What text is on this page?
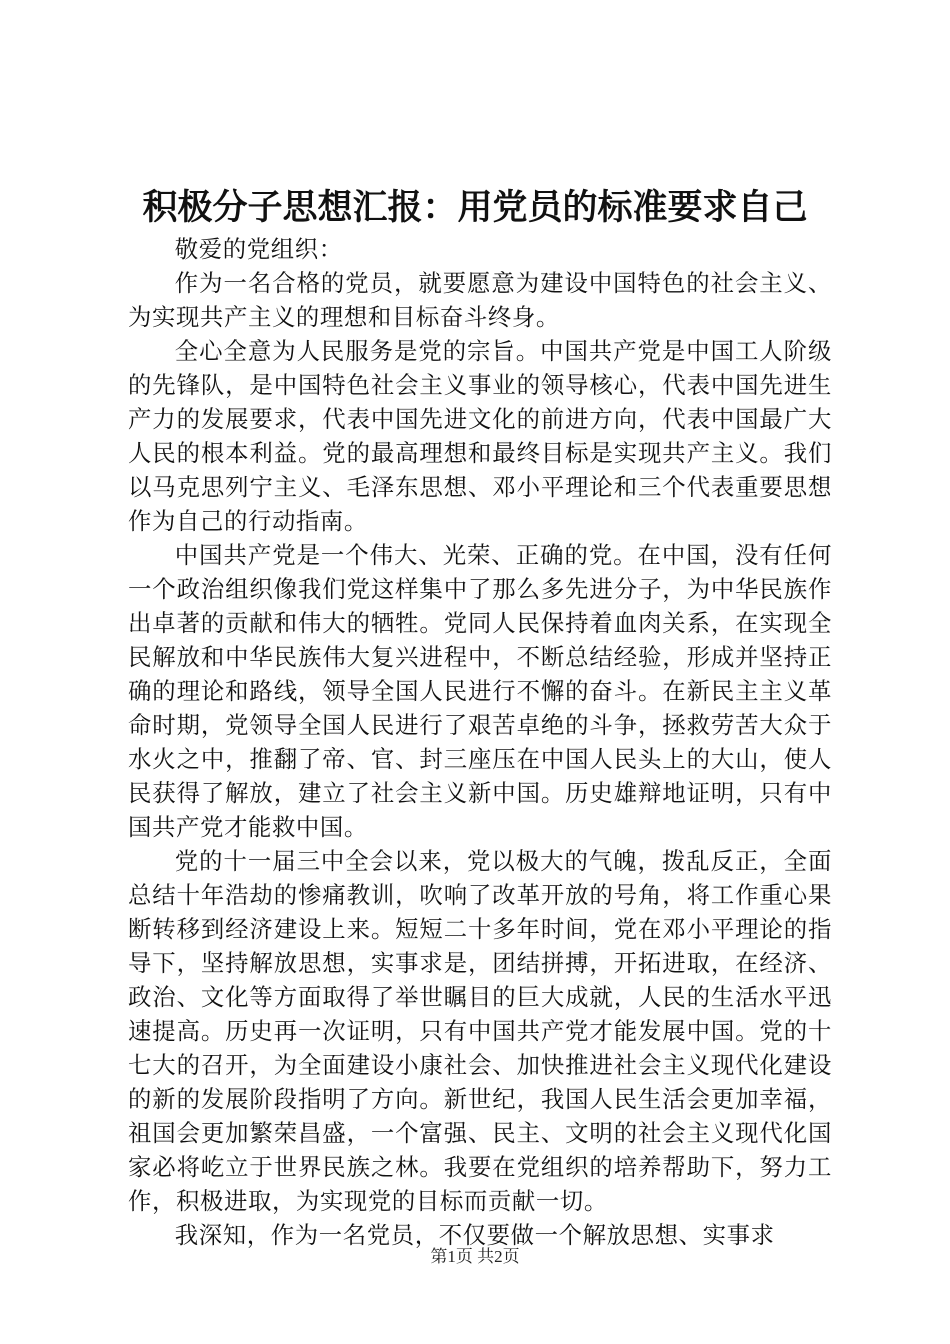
积极分子思想汇报：用党员的标准要求自己

敬爱的党组织：

作为一名合格的党员，就要愿意为建设中国特色的社会主义、为实现共产主义的理想和目标奋斗终身。

全心全意为人民服务是党的宗旨。中国共产党是中国工人阶级的先锋队，是中国特色社会主义事业的领导核心，代表中国先进生产力的发展要求，代表中国先进文化的前进方向，代表中国最广大人民的根本利益。党的最高理想和最终目标是实现共产主义。我们以马克思列宁主义、毛泽东思想、邓小平理论和三个代表重要思想作为自己的行动指南。

中国共产党是一个伟大、光荣、正确的党。在中国，没有任何一个政治组织像我们党这样集中了那么多先进分子，为中华民族作出卓著的贡献和伟大的牺牲。党同人民保持着血肉关系，在实现全民解放和中华民族伟大复兴进程中，不断总结经验，形成并坚持正确的理论和路线，领导全国人民进行不懈的奋斗。在新民主主义革命时期，党领导全国人民进行了艰苦卓绝的斗争，拯救劳苦大众于水火之中，推翻了帝、官、封三座压在中国人民头上的大山，使人民获得了解放，建立了社会主义新中国。历史雄辩地证明，只有中国共产党才能救中国。

党的十一届三中全会以来，党以极大的气魄，拨乱反正，全面总结十年浩劫的惨痛教训，吹响了改革开放的号角，将工作重心果断转移到经济建设上来。短短二十多年时间，党在邓小平理论的指导下，坚持解放思想，实事求是，团结拼搏，开拓进取，在经济、政治、文化等方面取得了举世瞩目的巨大成就，人民的生活水平迅速提高。历史再一次证明，只有中国共产党才能发展中国。党的十七大的召开，为全面建设小康社会、加快推进社会主义现代化建设的新的发展阶段指明了方向。新世纪，我国人民生活会更加幸福，祖国会更加繁荣昌盛，一个富强、民主、文明的社会主义现代化国家必将屹立于世界民族之林。我要在党组织的培养帮助下，努力工作，积极进取，为实现党的目标而贡献一切。

我深知，作为一名党员，不仅要做一个解放思想、实事求

第1页 共2页
